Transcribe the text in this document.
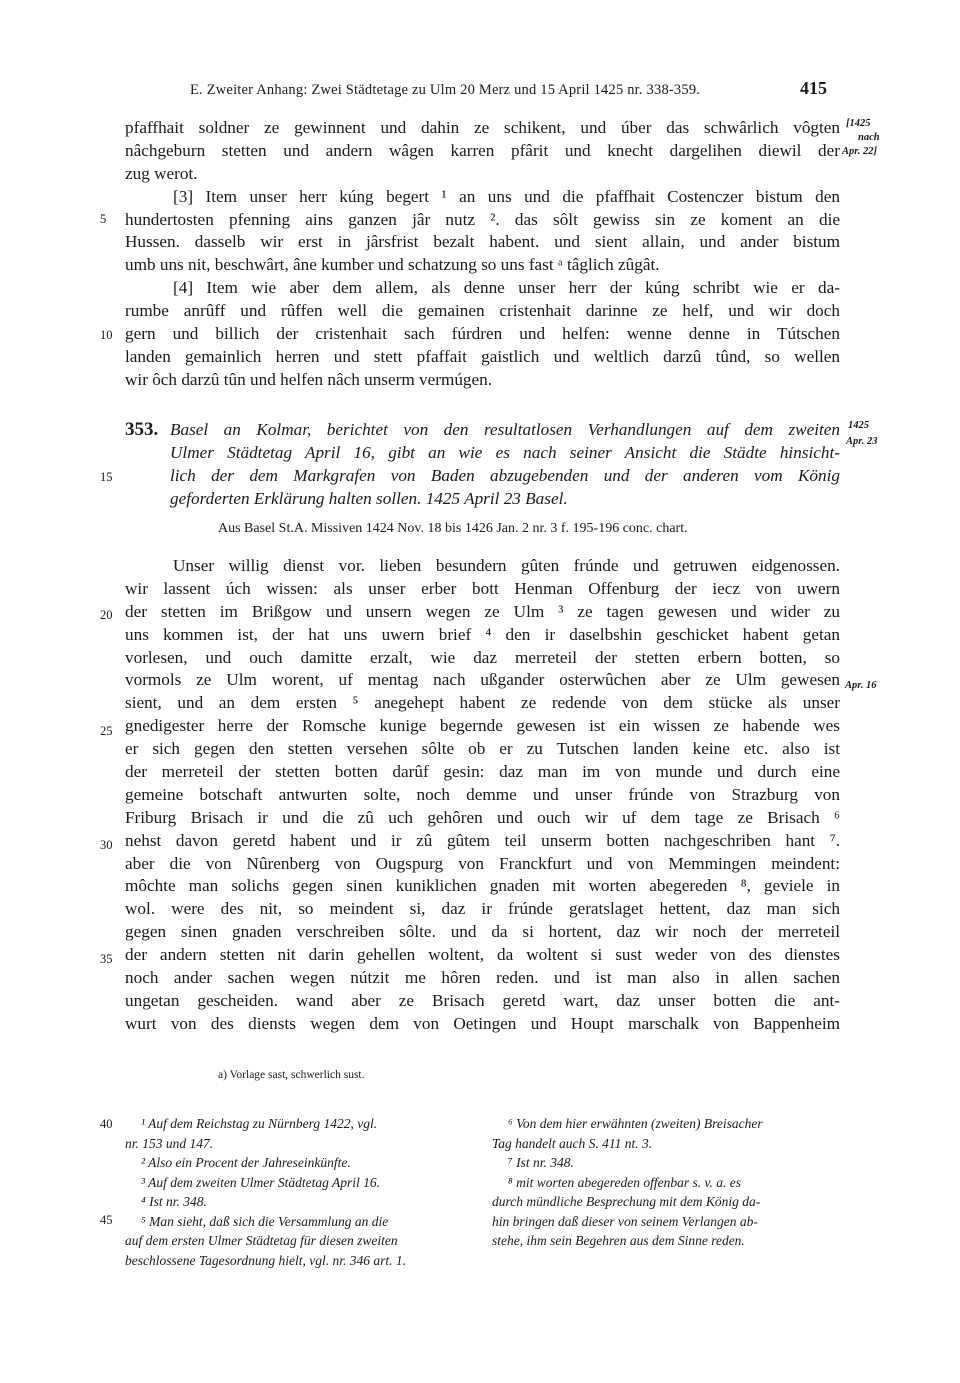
E. Zweiter Anhang: Zwei Städtetage zu Ulm 20 Merz und 15 April 1425 nr. 338-359.	415
pfaffhait soldner ze gewinnent und dahin ze schikent, und úber das schwârlich vôgten
nâchgeburn stetten und andern wâgen karren pfârit und knecht dargelihen diewil der
zug werot.
[3] Item unser herr kúng begert ¹ an uns und die pfaffhait Costenczer bistum den
hundertosten pfenning ains ganzen jâr nutz ². das sôlt gewiss sin ze koment an die
Hussen. dasselb wir erst in jârsfrist bezalt habent. und sient allain, und ander bistum
umb uns nit, beschwârt, âne kumber und schatzung so uns fast ᵃ tâglich zûgât.
[4] Item wie aber dem allem, als denne unser herr der kúng schribt wie er da-
rumbe anrûff und rûffen well die gemainen cristenhait darinne ze helf, und wir doch
gern und billich der cristenhait sach fúrdren und helfen: wenne denne in Tútschen
landen gemainlich herren und stett pfaffait gaistlich und weltlich darzû tûnd, so wellen
wir ôch darzû tûn und helfen nâch unserm vermúgen.
[1425
nach
Apr. 22]
1425
Apr. 23
Apr. 16
5
10
15
20
25
30
35
40
45
353. Basel an Kolmar, berichtet von den resultatlosen Verhandlungen auf dem zweiten
Ulmer Städtetag April 16, gibt an wie es nach seiner Ansicht die Städte hinsicht-
lich der dem Markgrafen von Baden abzugebenden und der anderen vom König
geforderten Erklärung halten sollen. 1425 April 23 Basel.
Aus Basel St.A. Missiven 1424 Nov. 18 bis 1426 Jan. 2 nr. 3 f. 195-196 conc. chart.
Unser willig dienst vor. lieben besundern gûten frúnde und getruwen eidgenossen.
wir lassent úch wissen: als unser erber bott Henman Offenburg der iecz von uwern
der stetten im Brißgow und unsern wegen ze Ulm ³ ze tagen gewesen und wider zu
uns kommen ist, der hat uns uwern brief ⁴ den ir daselbshin geschicket habent getan
vorlesen, und ouch damitte erzalt, wie daz merreteil der stetten erbern botten, so
vormols ze Ulm worent, uf mentag nach ußgander osterwûchen aber ze Ulm gewesen
sient, und an dem ersten ⁵ anegehept habent ze redende von dem stücke als unser
gnedigester herre der Romsche kunige begernde gewesen ist ein wissen ze habende wes
er sich gegen den stetten versehen sôlte ob er zu Tutschen landen keine etc. also ist
der merreteil der stetten botten darûf gesin: daz man im von munde und durch eine
gemeine botschaft antwurten solte, noch demme und unser frúnde von Strazburg von
Friburg Brisach ir und die zû uch gehôren und ouch wir uf dem tage ze Brisach ⁶
nehst davon geretd habent und ir zû gûtem teil unserm botten nachgeschriben hant ⁷.
aber die von Nûrenberg von Ougspurg von Franckfurt und von Memmingen meindent:
môchte man solichs gegen sinen kuniklichen gnaden mit worten abegereden ⁸, geviele in
wol. were des nit, so meindent si, daz ir frúnde geratslaget hettent, daz man sich
gegen sinen gnaden verschreiben sôlte. und da si hortent, daz wir noch der merreteil
der andern stetten nit darin gehellen woltent, da woltent si sust weder von des dienstes
noch ander sachen wegen nútzit me hôren reden. und ist man also in allen sachen
ungetan gescheiden. wand aber ze Brisach geretd wart, daz unser botten die ant-
wurt von des diensts wegen dem von Oetingen und Houpt marschalk von Bappenheim
a) Vorlage sast, schwerlich sust.
¹ Auf dem Reichstag zu Nürnberg 1422, vgl.
nr. 153 und 147.
² Also ein Procent der Jahreseinkünfte.
³ Auf dem zweiten Ulmer Städtetag April 16.
⁴ Ist nr. 348.
⁵ Man sieht, daß sich die Versammlung an die
auf dem ersten Ulmer Städtetag für diesen zweiten
beschlossene Tagesordnung hielt, vgl. nr. 346 art. 1.
⁶ Von dem hier erwähnten (zweiten) Breisacher
Tag handelt auch S. 411 nt. 3.
⁷ Ist nr. 348.
⁸ mit worten abegereden offenbar s. v. a. es
durch mündliche Besprechung mit dem König da-
hin bringen daß dieser von seinem Verlangen ab-
stehe, ihm sein Begehren aus dem Sinne reden.
